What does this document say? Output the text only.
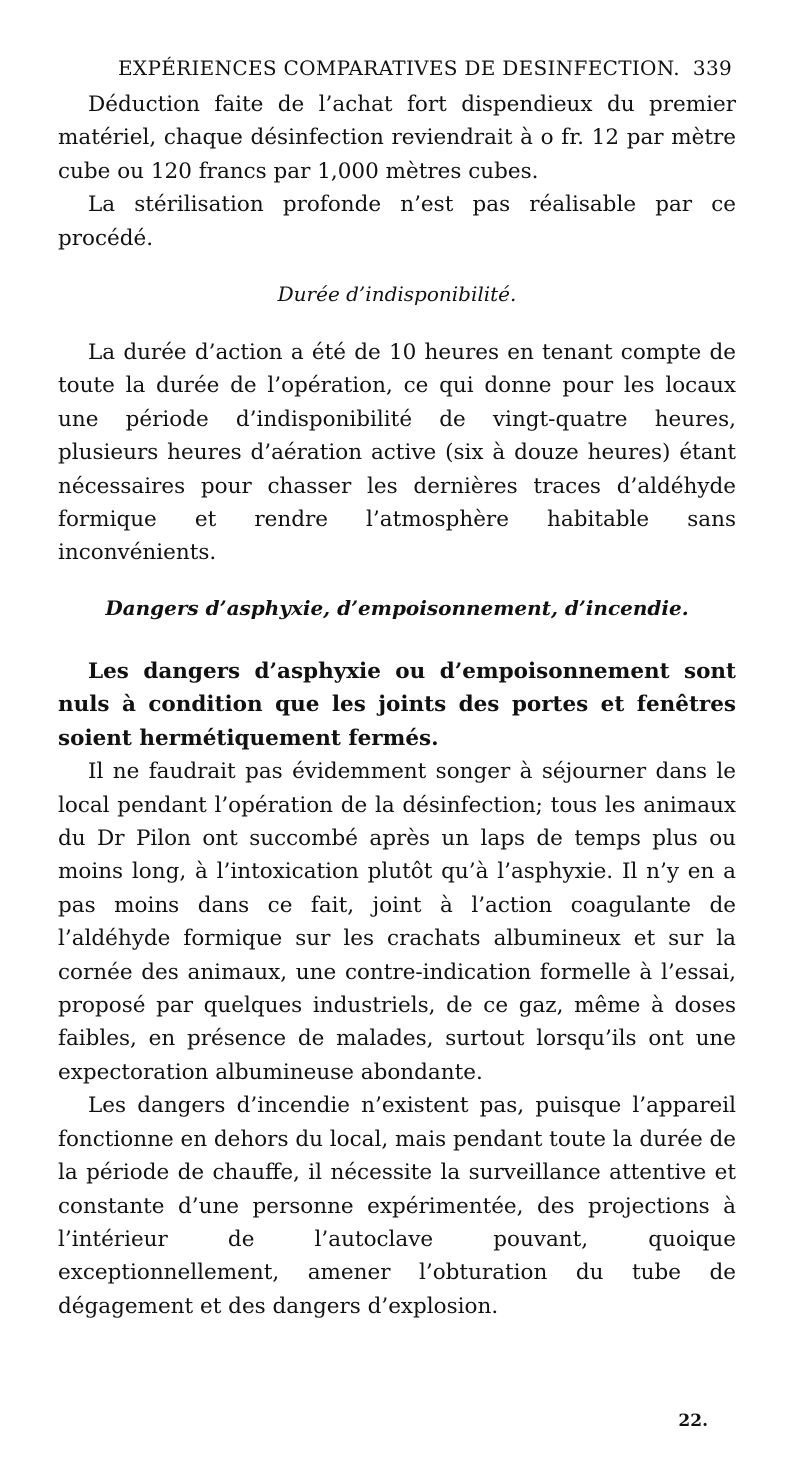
EXPÉRIENCES COMPARATIVES DE DESINFECTION. 339

Déduction faite de l’achat fort dispendieux du premier matériel, chaque désinfection reviendrait à o fr. 12 par mètre cube ou 120 francs par 1,000 mètres cubes.

La stérilisation profonde n’est pas réalisable par ce procédé.

Durée d’indisponibilité.

La durée d’action a été de 10 heures en tenant compte de toute la durée de l’opération, ce qui donne pour les locaux une période d’indisponibilité de vingt-quatre heures, plusieurs heures d’aération active (six à douze heures) étant nécessaires pour chasser les dernières traces d’aldéhyde formique et rendre l’atmosphère habitable sans inconvénients.

Dangers d’asphyxie, d’empoisonnement, d’incendie.

Les dangers d’asphyxie ou d’empoisonnement sont nuls à condition que les joints des portes et fenêtres soient hermétiquement fermés.

Il ne faudrait pas évidemment songer à séjourner dans le local pendant l’opération de la désinfection; tous les animaux du Dr Pilon ont succombé après un laps de temps plus ou moins long, à l’intoxication plutôt qu’à l’asphyxie. Il n’y en a pas moins dans ce fait, joint à l’action coagulante de l’aldéhyde formique sur les crachats albumineux et sur la cornée des animaux, une contre-indication formelle à l’essai, proposé par quelques industriels, de ce gaz, même à doses faibles, en présence de malades, surtout lorsqu’ils ont une expectoration albumineuse abondante.

Les dangers d’incendie n’existent pas, puisque l’appareil fonctionne en dehors du local, mais pendant toute la durée de la période de chauffe, il nécessite la surveillance attentive et constante d’une personne expérimentée, des projections à l’intérieur de l’autoclave pouvant, quoique exceptionnellement, amener l’obturation du tube de dégagement et des dangers d’explosion.

22.
